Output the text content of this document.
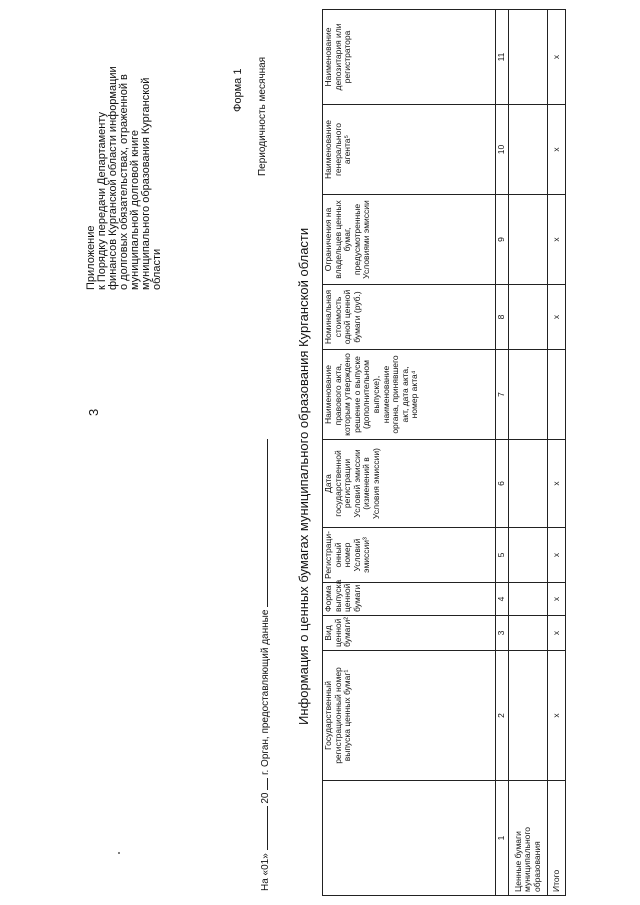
3
Приложение к Порядку передачи Департаменту финансов Курганской области информации о долговых обязательствах, отраженной в муниципальной долговой книге муниципального образования Курганской области
Форма 1
На «01»  20  г. Орган, предоставляющий данные
Периодичность месячная
Информация о ценных бумагах муниципального образования Курганской области
	Государственный регистрационный номер выпуска ценных бумаг¹	Вид ценной бумаги²	Форма выпуска ценной бумаги	Регистраци-онный номер Условий эмиссии³	Дата государственной регистрации Условий эмиссии (изменений в Условия эмиссии)	Наименование правового акта, которым утверждено решение о выпуске (дополнительном выпуске), наименование органа, принявшего акт, дата акта, номер акта⁴	Номинальная стоимость одной ценной бумаги (руб.)	Ограничения на владельцев ценных бумаг, предусмотренные Условиями эмиссии	Наименование генерального агента⁵	Наименование депозитария или регистратора
1	2	3	4	5	6	7	8	9	10	11
Ценные бумаги муниципального образования										
Итого	x	x	x	x	x		x	x	x	x
